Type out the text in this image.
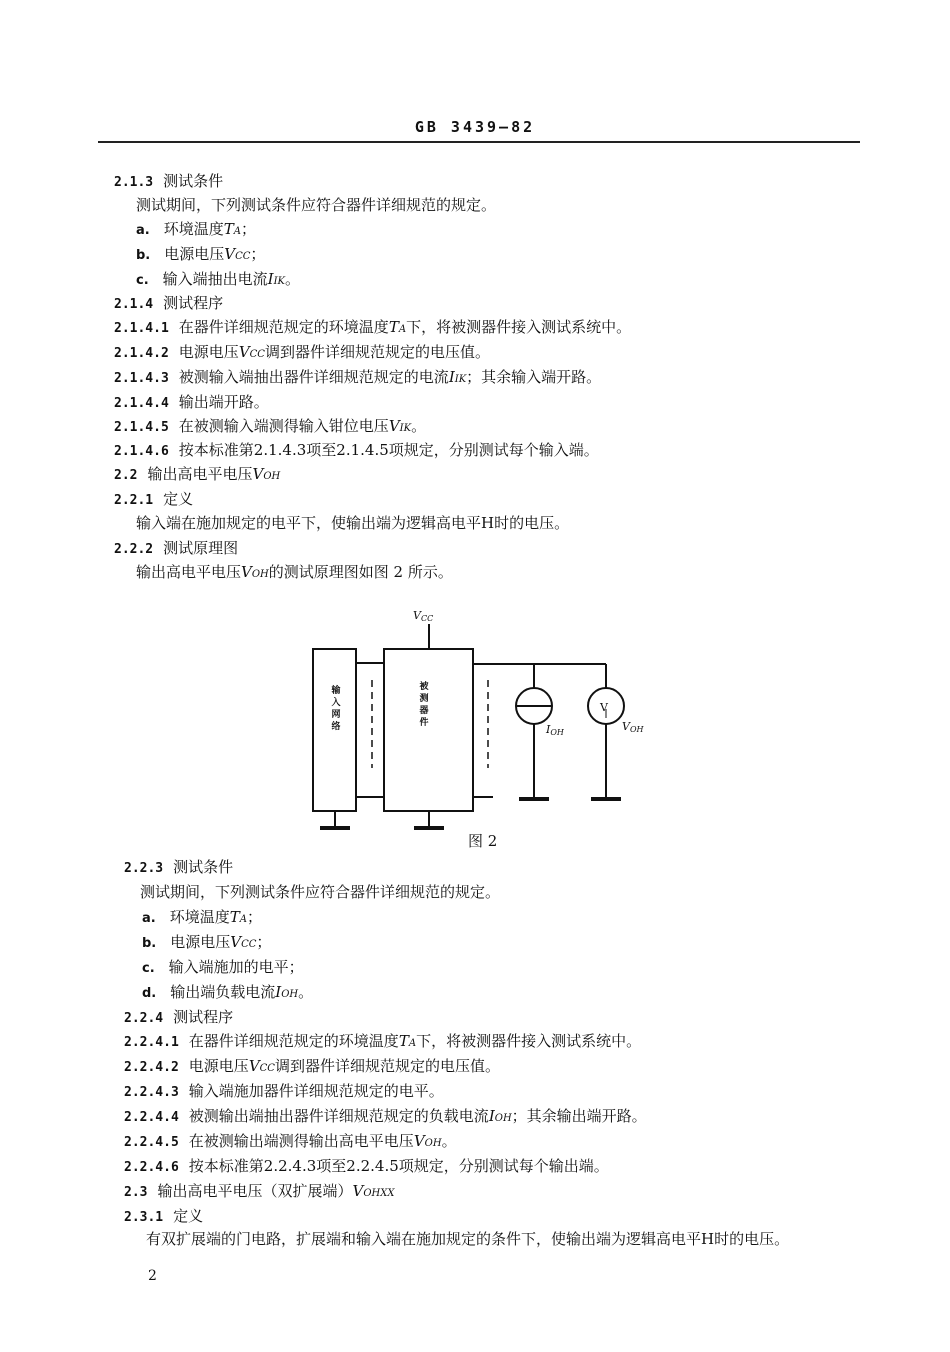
GB 3439—82
2.1.3 测试条件
测试期间，下列测试条件应符合器件详细规范的规定。
a. 环境温度TA；
b. 电源电压VCC；
c. 输入端抽出电流IIK。
2.1.4 测试程序
2.1.4.1 在器件详细规范规定的环境温度TA下，将被测器件接入测试系统中。
2.1.4.2 电源电压VCC调到器件详细规范规定的电压值。
2.1.4.3 被测输入端抽出器件详细规范规定的电流IIK；其余输入端开路。
2.1.4.4 输出端开路。
2.1.4.5 在被测输入端测得输入钳位电压VIK。
2.1.4.6 按本标准第2.1.4.3项至2.1.4.5项规定，分别测试每个输入端。
2.2 输出高电平电压VOH
2.2.1 定义
输入端在施加规定的电平下，使输出端为逻辑高电平H时的电压。
2.2.2 测试原理图
输出高电平电压VOH的测试原理图如图 2 所示。
VCC
输
入
网
络
被
测
器
件
V
IOH	VOH
图 2
2.2.3 测试条件
测试期间，下列测试条件应符合器件详细规范的规定。
a. 环境温度TA；
b. 电源电压VCC；
c. 输入端施加的电平；
d. 输出端负载电流IOH。
2.2.4 测试程序
2.2.4.1 在器件详细规范规定的环境温度TA下，将被测器件接入测试系统中。
2.2.4.2 电源电压VCC调到器件详细规范规定的电压值。
2.2.4.3 输入端施加器件详细规范规定的电平。
2.2.4.4 被测输出端抽出器件详细规范规定的负载电流IOH；其余输出端开路。
2.2.4.5 在被测输出端测得输出高电平电压VOH。
2.2.4.6 按本标准第2.2.4.3项至2.2.4.5项规定，分别测试每个输出端。
2.3 输出高电平电压（双扩展端）VOHXX
2.3.1 定义
有双扩展端的门电路，扩展端和输入端在施加规定的条件下，使输出端为逻辑高电平H时的电压。
2
